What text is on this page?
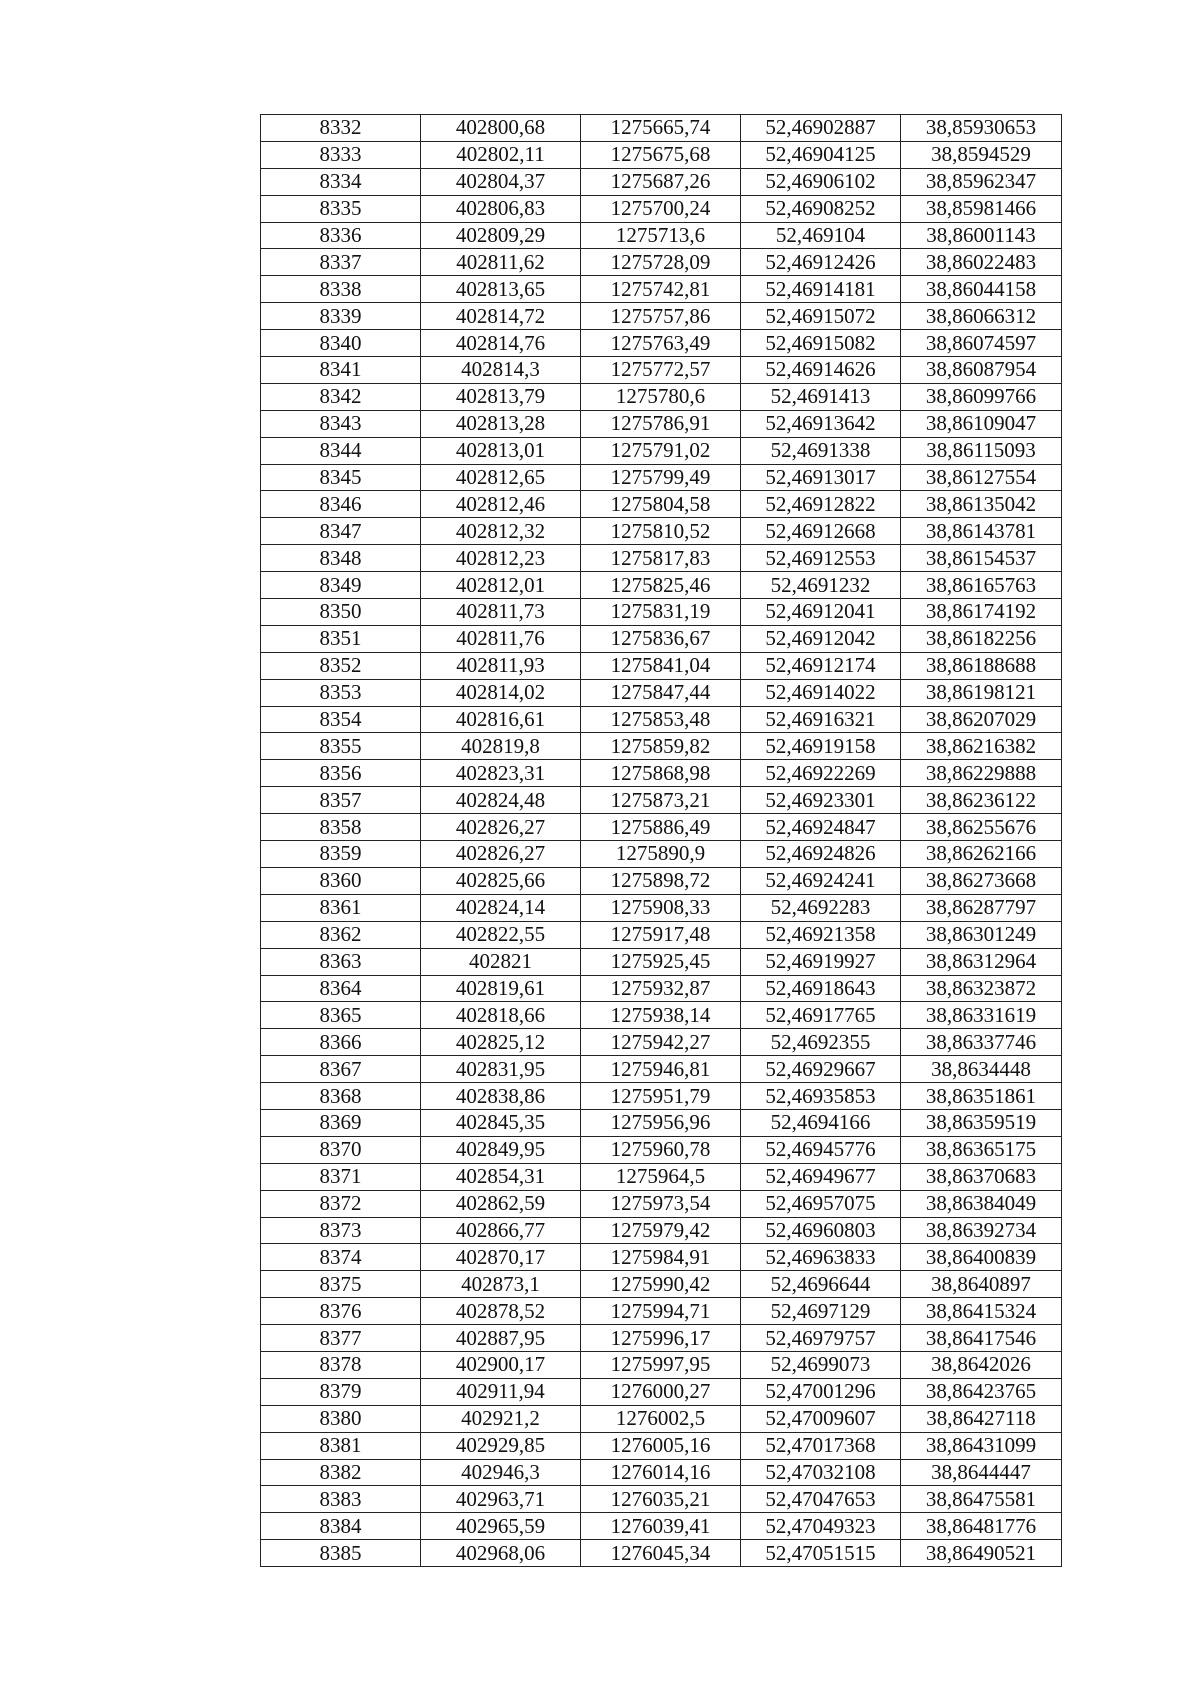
8332	402800,68	1275665,74	52,46902887	38,85930653
8333	402802,11	1275675,68	52,46904125	38,8594529
8334	402804,37	1275687,26	52,46906102	38,85962347
8335	402806,83	1275700,24	52,46908252	38,85981466
8336	402809,29	1275713,6	52,469104	38,86001143
8337	402811,62	1275728,09	52,46912426	38,86022483
8338	402813,65	1275742,81	52,46914181	38,86044158
8339	402814,72	1275757,86	52,46915072	38,86066312
8340	402814,76	1275763,49	52,46915082	38,86074597
8341	402814,3	1275772,57	52,46914626	38,86087954
8342	402813,79	1275780,6	52,4691413	38,86099766
8343	402813,28	1275786,91	52,46913642	38,86109047
8344	402813,01	1275791,02	52,4691338	38,86115093
8345	402812,65	1275799,49	52,46913017	38,86127554
8346	402812,46	1275804,58	52,46912822	38,86135042
8347	402812,32	1275810,52	52,46912668	38,86143781
8348	402812,23	1275817,83	52,46912553	38,86154537
8349	402812,01	1275825,46	52,4691232	38,86165763
8350	402811,73	1275831,19	52,46912041	38,86174192
8351	402811,76	1275836,67	52,46912042	38,86182256
8352	402811,93	1275841,04	52,46912174	38,86188688
8353	402814,02	1275847,44	52,46914022	38,86198121
8354	402816,61	1275853,48	52,46916321	38,86207029
8355	402819,8	1275859,82	52,46919158	38,86216382
8356	402823,31	1275868,98	52,46922269	38,86229888
8357	402824,48	1275873,21	52,46923301	38,86236122
8358	402826,27	1275886,49	52,46924847	38,86255676
8359	402826,27	1275890,9	52,46924826	38,86262166
8360	402825,66	1275898,72	52,46924241	38,86273668
8361	402824,14	1275908,33	52,4692283	38,86287797
8362	402822,55	1275917,48	52,46921358	38,86301249
8363	402821	1275925,45	52,46919927	38,86312964
8364	402819,61	1275932,87	52,46918643	38,86323872
8365	402818,66	1275938,14	52,46917765	38,86331619
8366	402825,12	1275942,27	52,4692355	38,86337746
8367	402831,95	1275946,81	52,46929667	38,8634448
8368	402838,86	1275951,79	52,46935853	38,86351861
8369	402845,35	1275956,96	52,4694166	38,86359519
8370	402849,95	1275960,78	52,46945776	38,86365175
8371	402854,31	1275964,5	52,46949677	38,86370683
8372	402862,59	1275973,54	52,46957075	38,86384049
8373	402866,77	1275979,42	52,46960803	38,86392734
8374	402870,17	1275984,91	52,46963833	38,86400839
8375	402873,1	1275990,42	52,4696644	38,8640897
8376	402878,52	1275994,71	52,4697129	38,86415324
8377	402887,95	1275996,17	52,46979757	38,86417546
8378	402900,17	1275997,95	52,4699073	38,8642026
8379	402911,94	1276000,27	52,47001296	38,86423765
8380	402921,2	1276002,5	52,47009607	38,86427118
8381	402929,85	1276005,16	52,47017368	38,86431099
8382	402946,3	1276014,16	52,47032108	38,8644447
8383	402963,71	1276035,21	52,47047653	38,86475581
8384	402965,59	1276039,41	52,47049323	38,86481776
8385	402968,06	1276045,34	52,47051515	38,86490521
